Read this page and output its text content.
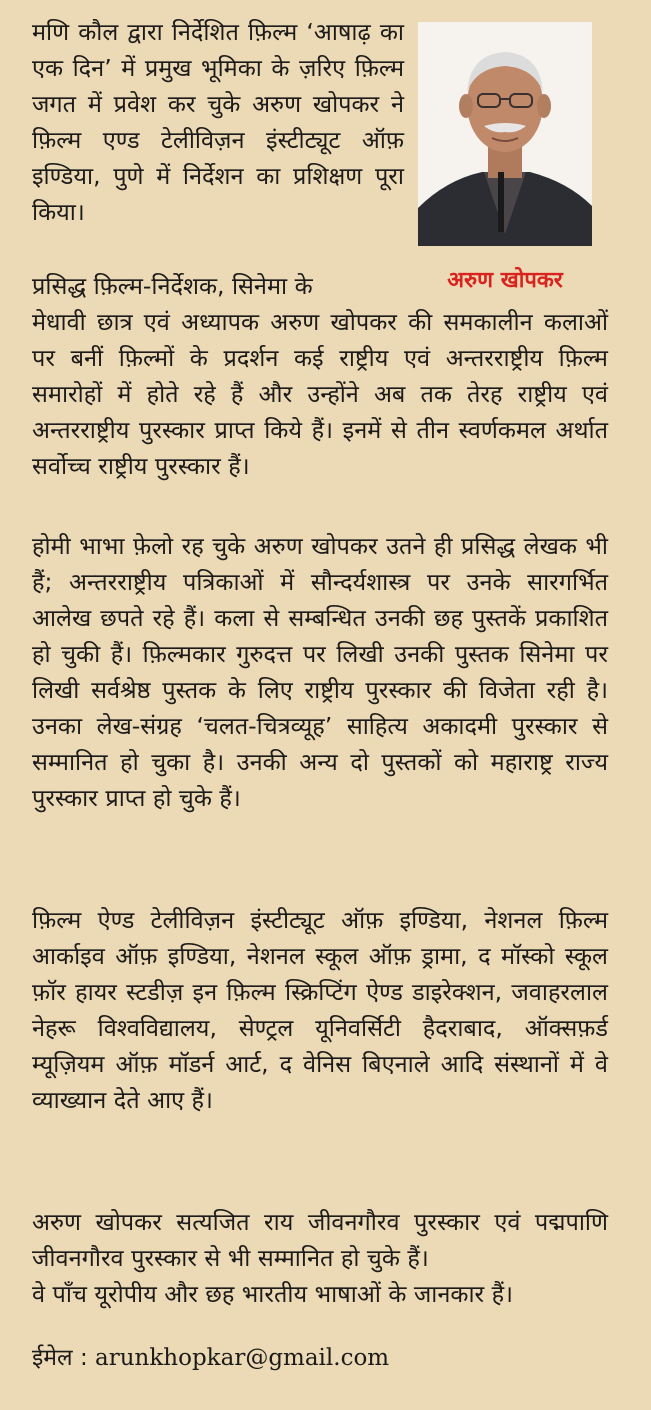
अरुण खोपकर
मणि कौल द्वारा निर्देशित फ़िल्म ‘आषाढ़ का एक दिन’ में प्रमुख भूमिका के ज़रिए फ़िल्म जगत में प्रवेश कर चुके अरुण खोपकर ने फ़िल्म एण्ड टेलीविज़न इंस्टीट्यूट ऑफ़ इण्डिया, पुणे में निर्देशन का प्रशिक्षण पूरा किया।
प्रसिद्ध फ़िल्म-निर्देशक, सिनेमा के
मेधावी छात्र एवं अध्यापक अरुण खोपकर की समकालीन कलाओं पर बनीं फ़िल्मों के प्रदर्शन कई राष्ट्रीय एवं अन्तरराष्ट्रीय फ़िल्म समारोहों में होते रहे हैं और उन्होंने अब तक तेरह राष्ट्रीय एवं अन्तरराष्ट्रीय पुरस्कार प्राप्त किये हैं। इनमें से तीन स्वर्णकमल अर्थात सर्वोच्च राष्ट्रीय पुरस्कार हैं।
होमी भाभा फ़ेलो रह चुके अरुण खोपकर उतने ही प्रसिद्ध लेखक भी हैं; अन्तरराष्ट्रीय पत्रिकाओं में सौन्दर्यशास्त्र पर उनके सारगर्भित आलेख छपते रहे हैं। कला से सम्बन्धित उनकी छह पुस्तकें प्रकाशित हो चुकी हैं। फ़िल्मकार गुरुदत्त पर लिखी उनकी पुस्तक सिनेमा पर लिखी सर्वश्रेष्ठ पुस्तक के लिए राष्ट्रीय पुरस्कार की विजेता रही है। उनका लेख-संग्रह ‘चलत-चित्रव्यूह’ साहित्य अकादमी पुरस्कार से सम्मानित हो चुका है। उनकी अन्य दो पुस्तकों को महाराष्ट्र राज्य पुरस्कार प्राप्त हो चुके हैं।
फ़िल्म ऐण्ड टेलीविज़न इंस्टीट्यूट ऑफ़ इण्डिया, नेशनल फ़िल्म आर्काइव ऑफ़ इण्डिया, नेशनल स्कूल ऑफ़ ड्रामा, द मॉस्को स्कूल फ़ॉर हायर स्टडीज़ इन फ़िल्म स्क्रिप्टिंग ऐण्ड डाइरेक्शन, जवाहरलाल नेहरू विश्वविद्यालय, सेण्ट्रल यूनिवर्सिटी हैदराबाद, ऑक्सफ़र्ड म्यूज़ियम ऑफ़ मॉडर्न आर्ट, द वेनिस बिएनाले आदि संस्थानों में वे व्याख्यान देते आए हैं।
अरुण खोपकर सत्यजित राय जीवनगौरव पुरस्कार एवं पद्मपाणि जीवनगौरव पुरस्कार से भी सम्मानित हो चुके हैं।
वे पाँच यूरोपीय और छह भारतीय भाषाओं के जानकार हैं।
ईमेल : arunkhopkar@gmail.com
